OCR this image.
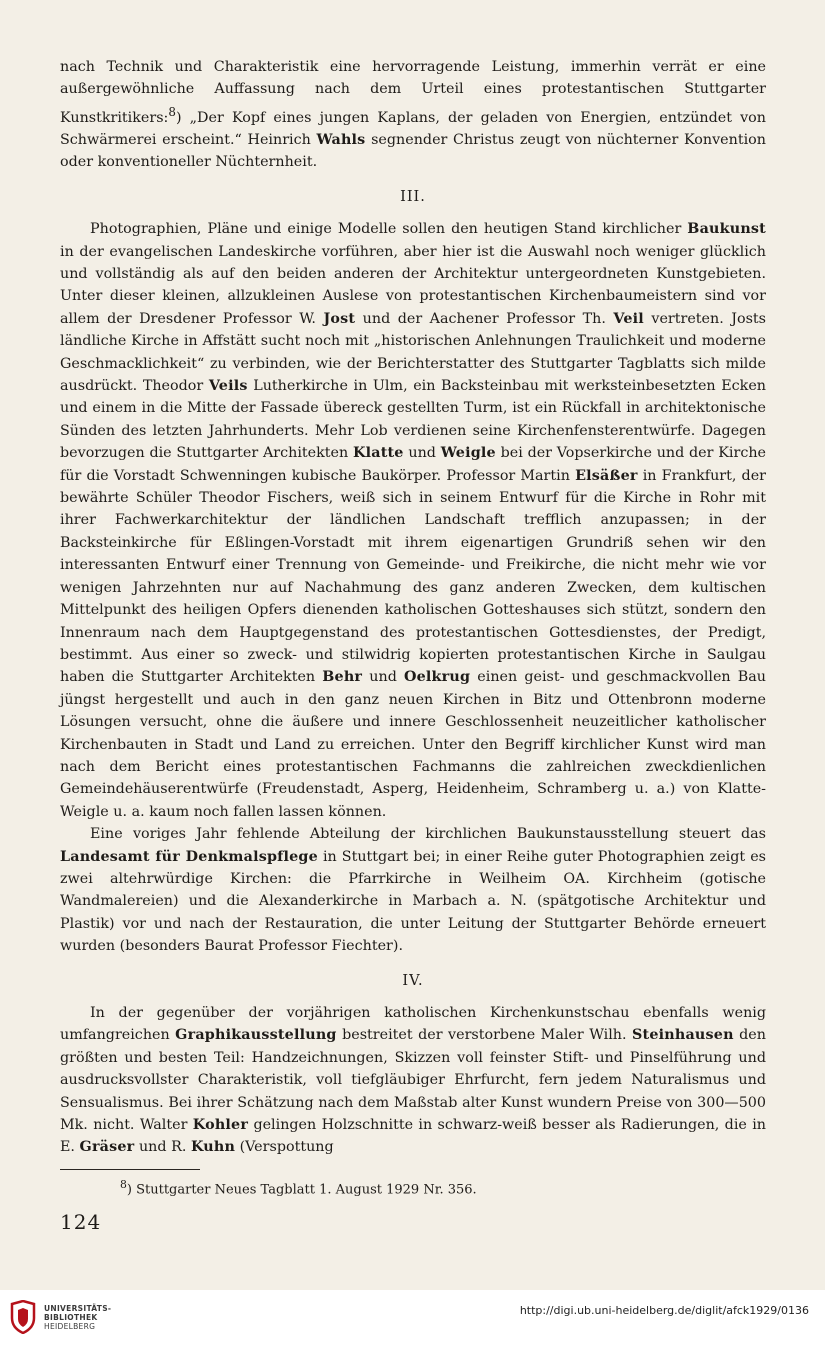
nach Technik und Charakteristik eine hervorragende Leistung, immerhin verrät er eine außergewöhnliche Auffassung nach dem Urteil eines protestantischen Stuttgarter Kunstkritikers:$^8$) „Der Kopf eines jungen Kaplans, der geladen von Energien, entzündet von Schwärmerei erscheint.“ Heinrich Wahls segnender Christus zeugt von nüchterner Konvention oder konventioneller Nüchternheit.

III.

Photographien, Pläne und einige Modelle sollen den heutigen Stand kirchlicher Baukunst in der evangelischen Landeskirche vorführen, aber hier ist die Auswahl noch weniger glücklich und vollständig als auf den beiden anderen der Architektur untergeordneten Kunstgebieten. Unter dieser kleinen, allzukleinen Auslese von protestantischen Kirchenbaumeistern sind vor allem der Dresdener Professor W. Jost und der Aachener Professor Th. Veil vertreten. Josts ländliche Kirche in Affstätt sucht noch mit „historischen Anlehnungen Traulichkeit und moderne Geschmacklichkeit“ zu verbinden, wie der Berichterstatter des Stuttgarter Tagblatts sich milde ausdrückt. Theodor Veils Lutherkirche in Ulm, ein Backsteinbau mit werksteinbesetzten Ecken und einem in die Mitte der Fassade übereck gestellten Turm, ist ein Rückfall in architektonische Sünden des letzten Jahrhunderts. Mehr Lob verdienen seine Kirchenfensterentwürfe. Dagegen bevorzugen die Stuttgarter Architekten Klatte und Weigle bei der Vopserkirche und der Kirche für die Vorstadt Schwenningen kubische Baukörper. Professor Martin Elsäßer in Frankfurt, der bewährte Schüler Theodor Fischers, weiß sich in seinem Entwurf für die Kirche in Rohr mit ihrer Fachwerkarchitektur der ländlichen Landschaft trefflich anzupassen; in der Backsteinkirche für Eßlingen-Vorstadt mit ihrem eigenartigen Grundriß sehen wir den interessanten Entwurf einer Trennung von Gemeinde- und Freikirche, die nicht mehr wie vor wenigen Jahrzehnten nur auf Nachahmung des ganz anderen Zwecken, dem kultischen Mittelpunkt des heiligen Opfers dienenden katholischen Gotteshauses sich stützt, sondern den Innenraum nach dem Hauptgegenstand des protestantischen Gottesdienstes, der Predigt, bestimmt. Aus einer so zweck- und stilwidrig kopierten protestantischen Kirche in Saulgau haben die Stuttgarter Architekten Behr und Oelkrug einen geist- und geschmackvollen Bau jüngst hergestellt und auch in den ganz neuen Kirchen in Bitz und Ottenbronn moderne Lösungen versucht, ohne die äußere und innere Geschlossenheit neuzeitlicher katholischer Kirchenbauten in Stadt und Land zu erreichen. Unter den Begriff kirchlicher Kunst wird man nach dem Bericht eines protestantischen Fachmanns die zahlreichen zweckdienlichen Gemeindehäuserentwürfe (Freudenstadt, Asperg, Heidenheim, Schramberg u. a.) von Klatte-Weigle u. a. kaum noch fallen lassen können.

Eine voriges Jahr fehlende Abteilung der kirchlichen Baukunstausstellung steuert das Landesamt für Denkmalspflege in Stuttgart bei; in einer Reihe guter Photographien zeigt es zwei altehrwürdige Kirchen: die Pfarrkirche in Weilheim OA. Kirchheim (gotische Wandmalereien) und die Alexanderkirche in Marbach a. N. (spätgotische Architektur und Plastik) vor und nach der Restauration, die unter Leitung der Stuttgarter Behörde erneuert wurden (besonders Baurat Professor Fiechter).

IV.

In der gegenüber der vorjährigen katholischen Kirchenkunstschau ebenfalls wenig umfangreichen Graphikausstellung bestreitet der verstorbene Maler Wilh. Steinhausen den größten und besten Teil: Handzeichnungen, Skizzen voll feinster Stift- und Pinselführung und ausdrucksvollster Charakteristik, voll tiefgläubiger Ehrfurcht, fern jedem Naturalismus und Sensualismus. Bei ihrer Schätzung nach dem Maßstab alter Kunst wundern Preise von 300—500 Mk. nicht. Walter Kohler gelingen Holzschnitte in schwarz-weiß besser als Radierungen, die in E. Gräser und R. Kuhn (Verspottung

$^8$) Stuttgarter Neues Tagblatt 1. August 1929 Nr. 356.
124
UNIVERSITÄTS-
BIBLIOTHEK
HEIDELBERG
http://digi.ub.uni-heidelberg.de/diglit/afck1929/0136
